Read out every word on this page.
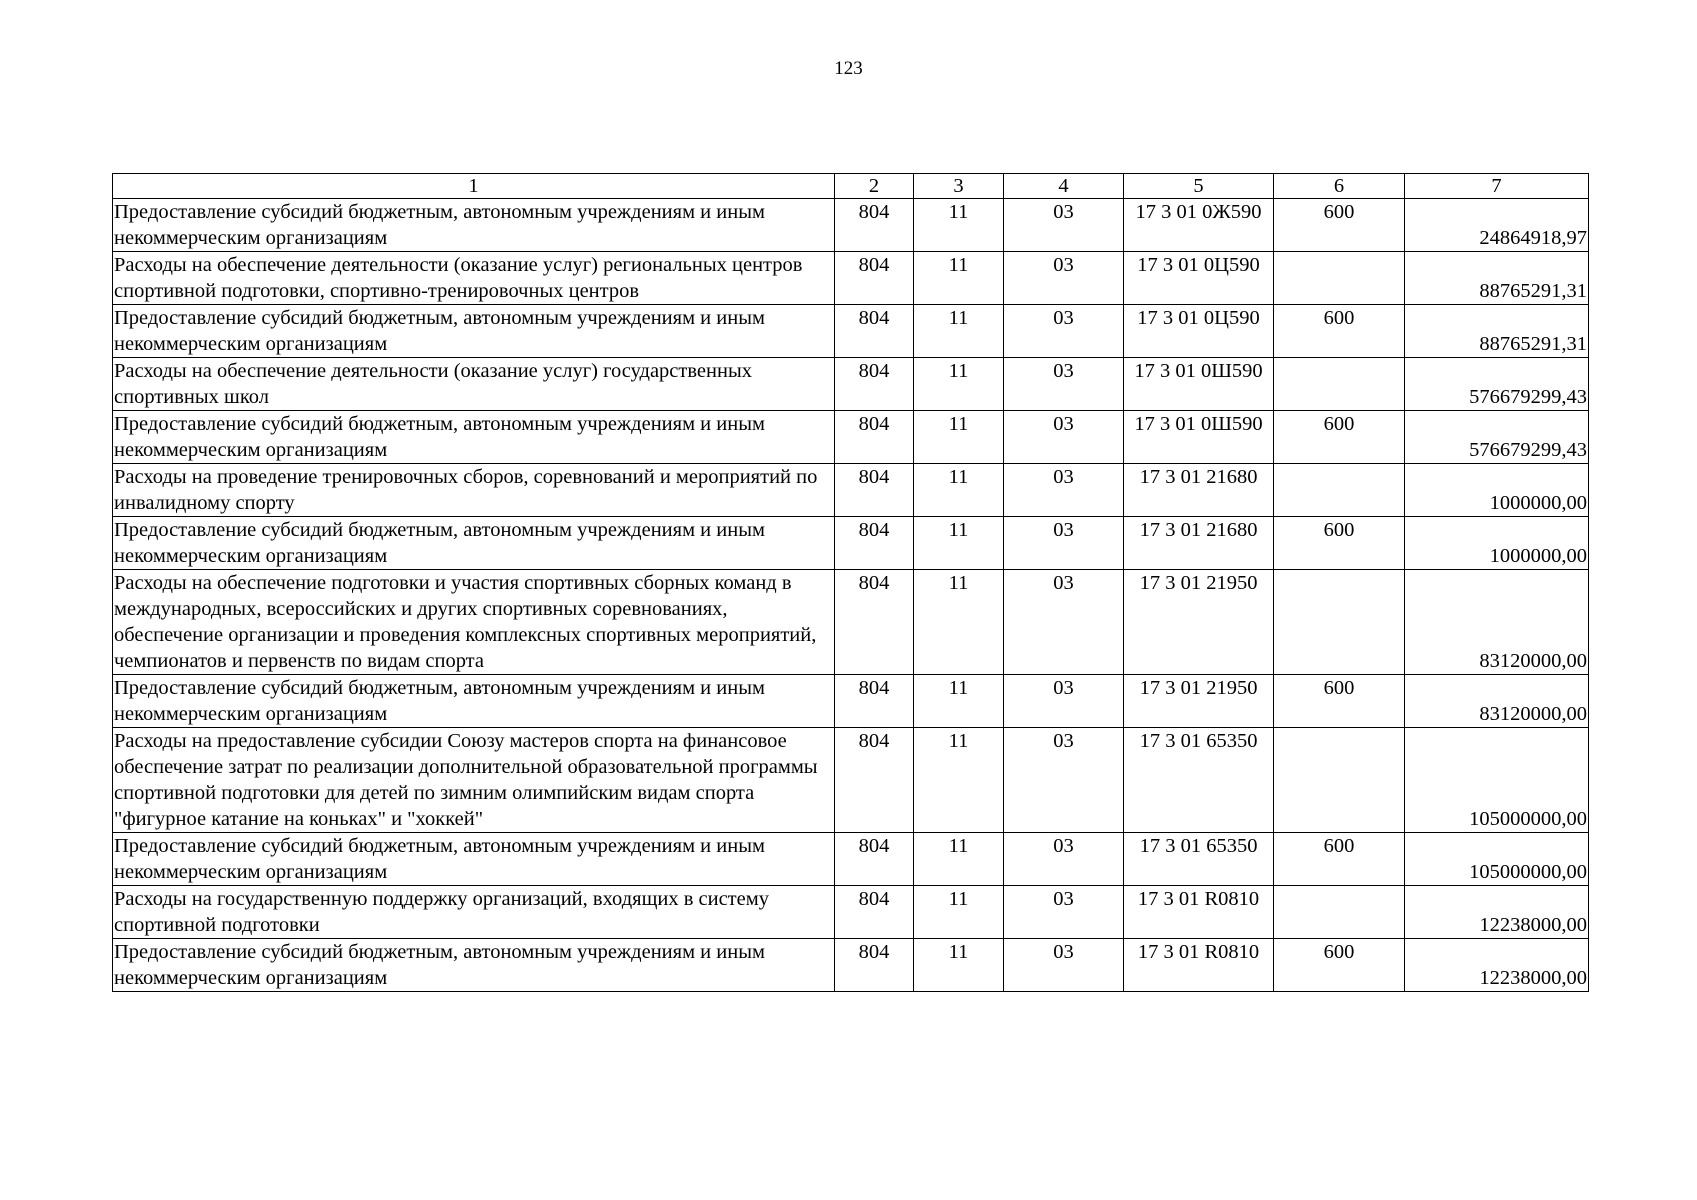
123
1	2	3	4	5	6	7
Предоставление субсидий бюджетным, автономным учреждениям и иным некоммерческим организациям	804	11	03	17 3 01 0Ж590	600	24864918,97
Расходы на обеспечение деятельности (оказание услуг) региональных центров спортивной подготовки, спортивно-тренировочных центров	804	11	03	17 3 01 0Ц590		88765291,31
Предоставление субсидий бюджетным, автономным учреждениям и иным некоммерческим организациям	804	11	03	17 3 01 0Ц590	600	88765291,31
Расходы на обеспечение деятельности (оказание услуг) государственных спортивных школ	804	11	03	17 3 01 0Ш590		576679299,43
Предоставление субсидий бюджетным, автономным учреждениям и иным некоммерческим организациям	804	11	03	17 3 01 0Ш590	600	576679299,43
Расходы на проведение тренировочных сборов, соревнований и мероприятий по инвалидному спорту	804	11	03	17 3 01 21680		1000000,00
Предоставление субсидий бюджетным, автономным учреждениям и иным некоммерческим организациям	804	11	03	17 3 01 21680	600	1000000,00
Расходы на обеспечение подготовки и участия спортивных сборных команд в международных, всероссийских и других спортивных соревнованиях, обеспечение организации и проведения комплексных спортивных мероприятий, чемпионатов и первенств по видам спорта	804	11	03	17 3 01 21950		83120000,00
Предоставление субсидий бюджетным, автономным учреждениям и иным некоммерческим организациям	804	11	03	17 3 01 21950	600	83120000,00
Расходы на предоставление субсидии Союзу мастеров спорта на финансовое обеспечение затрат по реализации дополнительной образовательной программы спортивной подготовки для детей по зимним олимпийским видам спорта "фигурное катание на коньках" и "хоккей"	804	11	03	17 3 01 65350		105000000,00
Предоставление субсидий бюджетным, автономным учреждениям и иным некоммерческим организациям	804	11	03	17 3 01 65350	600	105000000,00
Расходы на государственную поддержку организаций, входящих в систему спортивной подготовки	804	11	03	17 3 01 R0810		12238000,00
Предоставление субсидий бюджетным, автономным учреждениям и иным некоммерческим организациям	804	11	03	17 3 01 R0810	600	12238000,00
